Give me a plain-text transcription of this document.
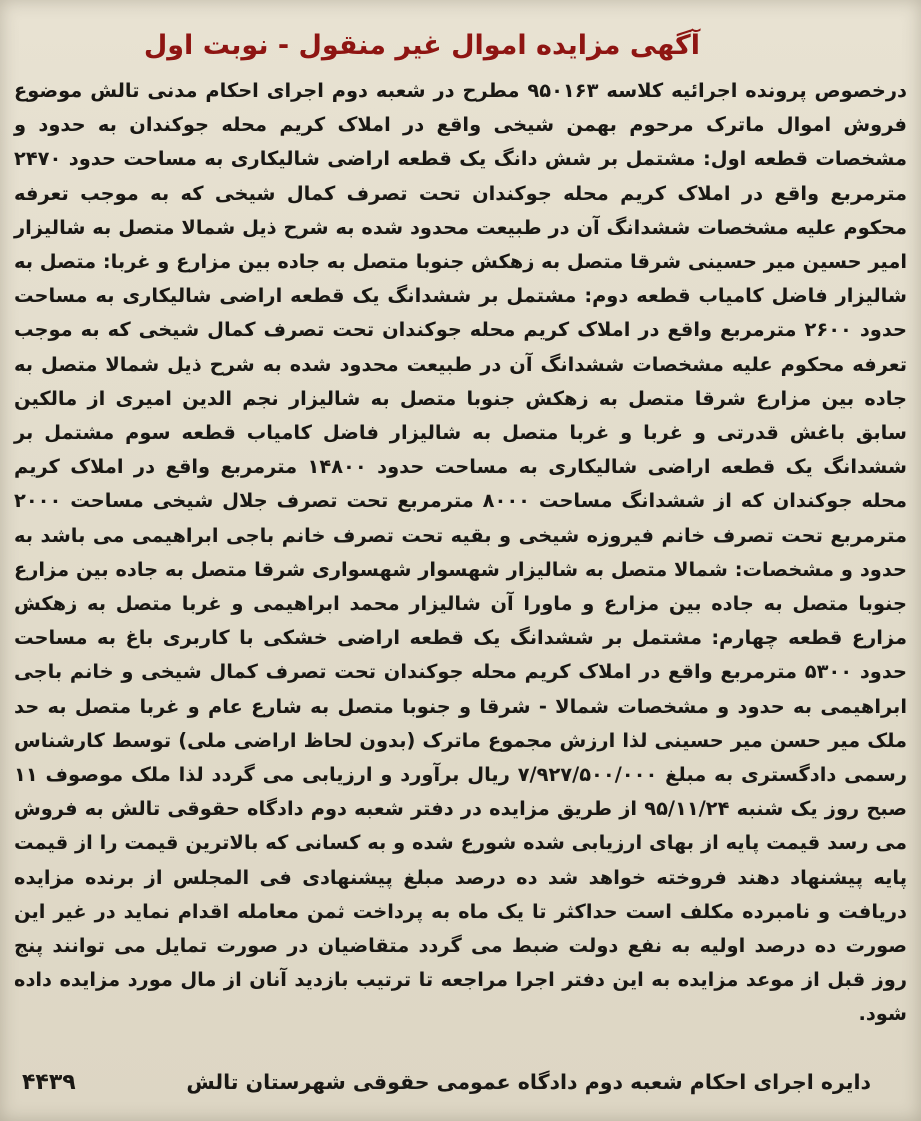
آگهی مزایده اموال غیر منقول - نوبت اول
درخصوص پرونده اجرائیه کلاسه ۹۵۰۱۶۳ مطرح در شعبه دوم اجرای احکام مدنی تالش موضوع فروش اموال ماترک مرحوم بهمن شیخی واقع در املاک کریم محله جوکندان به حدود و مشخصات قطعه اول: مشتمل بر شش دانگ یک قطعه اراضی شالیکاری به مساحت حدود ۲۴۷۰ مترمربع واقع در املاک کریم محله جوکندان تحت تصرف کمال شیخی که به موجب تعرفه محکوم علیه مشخصات ششدانگ آن در طبیعت محدود شده به شرح ذیل شمالا متصل به شالیزار امیر حسین میر حسینی شرقا متصل به زهکش جنوبا متصل به جاده بین مزارع و غربا: متصل به شالیزار فاضل کامیاب قطعه دوم: مشتمل بر ششدانگ یک قطعه اراضی شالیکاری به مساحت حدود ۲۶۰۰ مترمربع واقع در املاک کریم محله جوکندان تحت تصرف کمال شیخی که به موجب تعرفه محکوم علیه مشخصات ششدانگ آن در طبیعت محدود شده به شرح ذیل شمالا متصل به جاده بین مزارع شرقا متصل به زهکش جنوبا متصل به شالیزار نجم الدین امیری از مالکین سابق باغش قدرتی و غربا و غربا متصل به شالیزار فاضل کامیاب قطعه سوم مشتمل بر ششدانگ یک قطعه اراضی شالیکاری به مساحت حدود ۱۴۸۰۰ مترمربع واقع در املاک کریم محله جوکندان که از ششدانگ مساحت ۸۰۰۰ مترمربع تحت تصرف جلال شیخی مساحت ۲۰۰۰ مترمربع تحت تصرف خانم فیروزه شیخی و بقیه تحت تصرف خانم باجی ابراهیمی می باشد به حدود و مشخصات: شمالا متصل به شالیزار شهسوار شهسواری شرقا متصل به جاده بین مزارع جنوبا متصل به جاده بین مزارع و ماورا آن شالیزار محمد ابراهیمی و غربا متصل به زهکش مزارع قطعه چهارم: مشتمل بر ششدانگ یک قطعه اراضی خشکی با کاربری باغ به مساحت حدود ۵۳۰۰ مترمربع واقع در املاک کریم محله جوکندان تحت تصرف کمال شیخی و خانم باجی ابراهیمی به حدود و مشخصات شمالا - شرقا و جنوبا متصل به شارع عام و غربا متصل به حد ملک میر حسن میر حسینی لذا ارزش مجموع ماترک (بدون لحاظ اراضی ملی) توسط کارشناس رسمی دادگستری به مبلغ ۷/۹۲۷/۵۰۰/۰۰۰ ریال برآورد و ارزیابی می گردد لذا ملک موصوف ۱۱ صبح روز یک شنبه ۹۵/۱۱/۲۴ از طریق مزایده در دفتر شعبه دوم دادگاه حقوقی تالش به فروش می رسد قیمت پایه از بهای ارزیابی شده شورع شده و به کسانی که بالاترین قیمت را از قیمت پایه پیشنهاد دهند فروخته خواهد شد ده درصد مبلغ پیشنهادی فی المجلس از برنده مزایده دریافت و نامبرده مکلف است حداکثر تا یک ماه به پرداخت ثمن معامله اقدام نماید در غیر این صورت ده درصد اولیه به نفع دولت ضبط می گردد متقاضیان در صورت تمایل می توانند پنج روز قبل از موعد مزایده به این دفتر اجرا مراجعه تا ترتیب بازدید آنان از مال مورد مزایده داده شود.
دایره اجرای احکام شعبه دوم دادگاه عمومی حقوقی شهرستان تالش
۴۴۳۹
